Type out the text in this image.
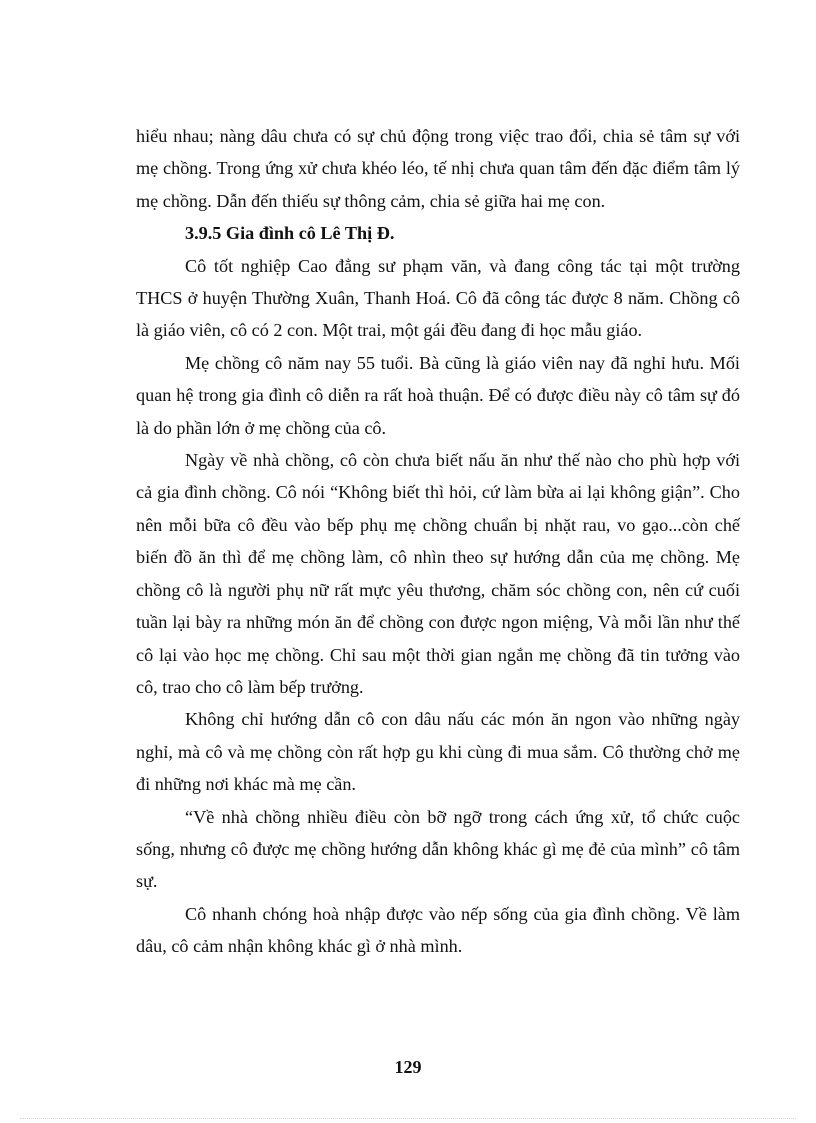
hiểu nhau; nàng dâu chưa có sự chủ động trong việc trao đổi, chia sẻ tâm sự với mẹ chồng. Trong ứng xử chưa khéo léo, tế nhị chưa quan tâm đến đặc điểm tâm lý mẹ chồng. Dẫn đến thiếu sự thông cảm, chia sẻ giữa hai mẹ con.

3.9.5 Gia đình cô Lê Thị Đ.

Cô tốt nghiệp Cao đẳng sư phạm văn, và đang công tác tại một trường THCS ở huyện Thường Xuân, Thanh Hoá. Cô đã công tác được 8 năm. Chồng cô là giáo viên, cô có 2 con. Một trai, một gái đều đang đi học mẫu giáo.

Mẹ chồng cô năm nay 55 tuổi. Bà cũng là giáo viên nay đã nghỉ hưu. Mối quan hệ trong gia đình cô diễn ra rất hoà thuận. Để có được điều này cô tâm sự đó là do phần lớn ở mẹ chồng của cô.

Ngày về nhà chồng, cô còn chưa biết nấu ăn như thế nào cho phù hợp với cả gia đình chồng. Cô nói “Không biết thì hỏi, cứ làm bừa ai lại không giận”. Cho nên mỗi bữa cô đều vào bếp phụ mẹ chồng chuẩn bị nhặt rau, vo gạo...còn chế biến đồ ăn thì để mẹ chồng làm, cô nhìn theo sự hướng dẫn của mẹ chồng. Mẹ chồng cô là người phụ nữ rất mực yêu thương, chăm sóc chồng con, nên cứ cuối tuần lại bày ra những món ăn để chồng con được ngon miệng, Và mỗi lần như thế cô lại vào học mẹ chồng. Chỉ sau một thời gian ngắn mẹ chồng đã tin tưởng vào cô, trao cho cô làm bếp trưởng.

Không chỉ hướng dẫn cô con dâu nấu các món ăn ngon vào những ngày nghỉ, mà cô và mẹ chồng còn rất hợp gu khi cùng đi mua sắm. Cô thường chở mẹ đi những nơi khác mà mẹ cần.

“Về nhà chồng nhiều điều còn bỡ ngỡ trong cách ứng xử, tổ chức cuộc sống, nhưng cô được mẹ chồng hướng dẫn không khác gì mẹ đẻ của mình” cô tâm sự.

Cô nhanh chóng hoà nhập được vào nếp sống của gia đình chồng. Về làm dâu, cô cảm nhận không khác gì ở nhà mình.

129
